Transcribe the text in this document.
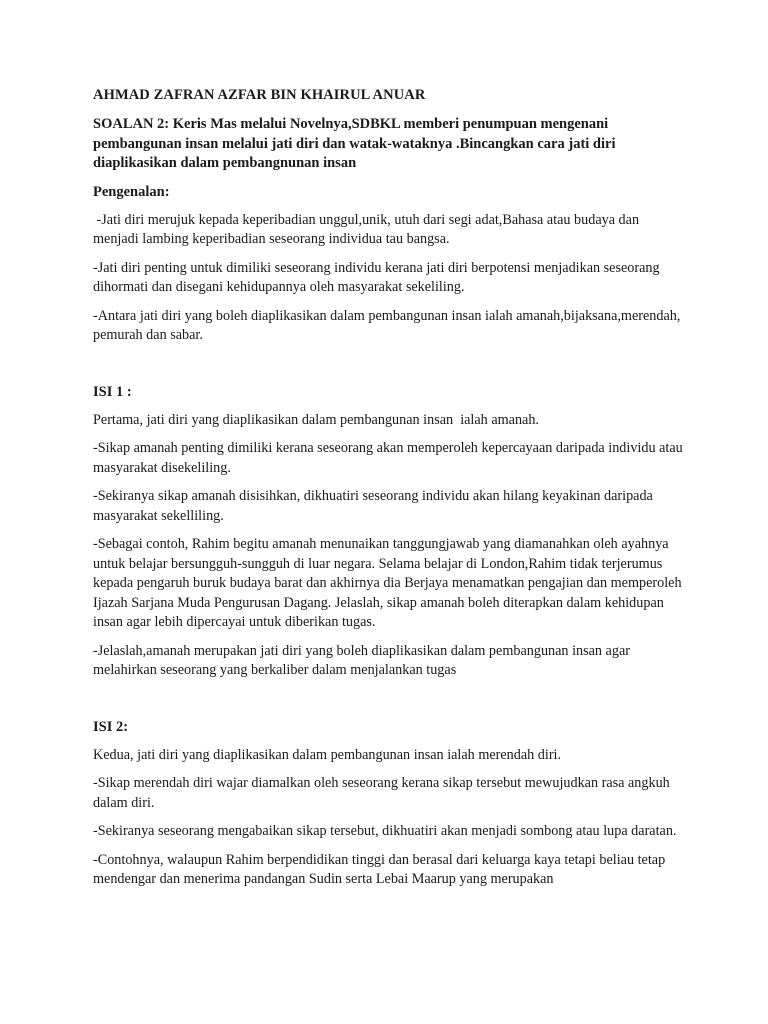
AHMAD ZAFRAN AZFAR BIN KHAIRUL ANUAR
SOALAN 2: Keris Mas melalui Novelnya,SDBKL memberi penumpuan mengenani pembangunan insan melalui jati diri dan watak-wataknya .Bincangkan cara jati diri diaplikasikan dalam pembangnunan insan
Pengenalan:

-Jati diri merujuk kepada keperibadian unggul,unik, utuh dari segi adat,Bahasa atau budaya dan menjadi lambing keperibadian seseorang individua tau bangsa.

-Jati diri penting untuk dimiliki seseorang individu kerana jati diri berpotensi menjadikan seseorang dihormati dan disegani kehidupannya oleh masyarakat sekeliling.

-Antara jati diri yang boleh diaplikasikan dalam pembangunan insan ialah amanah,bijaksana,merendah, pemurah dan sabar.

ISI 1 :

Pertama, jati diri yang diaplikasikan dalam pembangunan insan  ialah amanah.

-Sikap amanah penting dimiliki kerana seseorang akan memperoleh kepercayaan daripada individu atau masyarakat disekeliling.

-Sekiranya sikap amanah disisihkan, dikhuatiri seseorang individu akan hilang keyakinan daripada masyarakat sekelliling.

-Sebagai contoh, Rahim begitu amanah menunaikan tanggungjawab yang diamanahkan oleh ayahnya untuk belajar bersungguh-sungguh di luar negara. Selama belajar di London,Rahim tidak terjerumus kepada pengaruh buruk budaya barat dan akhirnya dia Berjaya menamatkan pengajian dan memperoleh Ijazah Sarjana Muda Pengurusan Dagang. Jelaslah, sikap amanah boleh diterapkan dalam kehidupan insan agar lebih dipercayai untuk diberikan tugas.

-Jelaslah,amanah merupakan jati diri yang boleh diaplikasikan dalam pembangunan insan agar melahirkan seseorang yang berkaliber dalam menjalankan tugas

ISI 2:

Kedua, jati diri yang diaplikasikan dalam pembangunan insan ialah merendah diri.

-Sikap merendah diri wajar diamalkan oleh seseorang kerana sikap tersebut mewujudkan rasa angkuh dalam diri.

-Sekiranya seseorang mengabaikan sikap tersebut, dikhuatiri akan menjadi sombong atau lupa daratan.

-Contohnya, walaupun Rahim berpendidikan tinggi dan berasal dari keluarga kaya tetapi beliau tetap mendengar dan menerima pandangan Sudin serta Lebai Maarup yang merupakan
